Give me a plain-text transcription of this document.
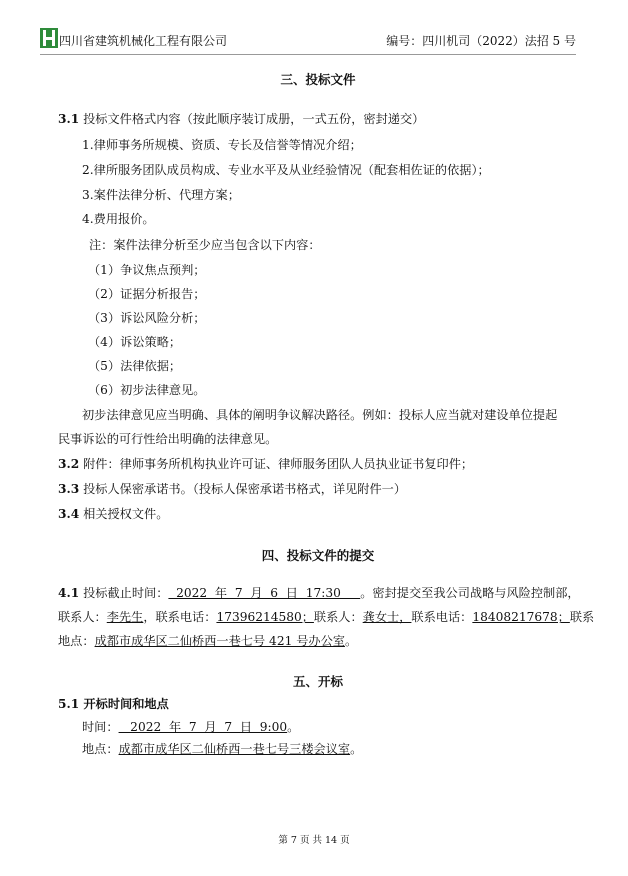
四川省建筑机械化工程有限公司	编号：四川机司（2022）法招 5 号
三、投标文件
3.1 投标文件格式内容（按此顺序装订成册，一式五份，密封递交）
1.律师事务所规模、资质、专长及信誉等情况介绍；
2.律所服务团队成员构成、专业水平及从业经验情况（配套相佐证的依据）；
3.案件法律分析、代理方案；
4.费用报价。
注：案件法律分析至少应当包含以下内容：
（1）争议焦点预判；
（2）证据分析报告；
（3）诉讼风险分析；
（4）诉讼策略；
（5）法律依据；
（6）初步法律意见。
初步法律意见应当明确、具体的阐明争议解决路径。例如：投标人应当就对建设单位提起
民事诉讼的可行性给出明确的法律意见。
3.2 附件：律师事务所机构执业许可证、律师服务团队人员执业证书复印件；
3.3 投标人保密承诺书。（投标人保密承诺书格式，详见附件一）
3.4 相关授权文件。
四、投标文件的提交
4.1 投标截止时间：  2022  年  7  月  6  日  17:30     。密封提交至我公司战略与风险控制部，
联系人：李先生，联系电话：17396214580；联系人：龚女士，联系电话：18408217678；联系
地点：成都市成华区二仙桥西一巷七号 421 号办公室。
五、开标
5.1 开标时间和地点
时间：   2022  年  7  月  7  日  9:00。
地点：成都市成华区二仙桥西一巷七号三楼会议室。
第 7 页 共 14 页
